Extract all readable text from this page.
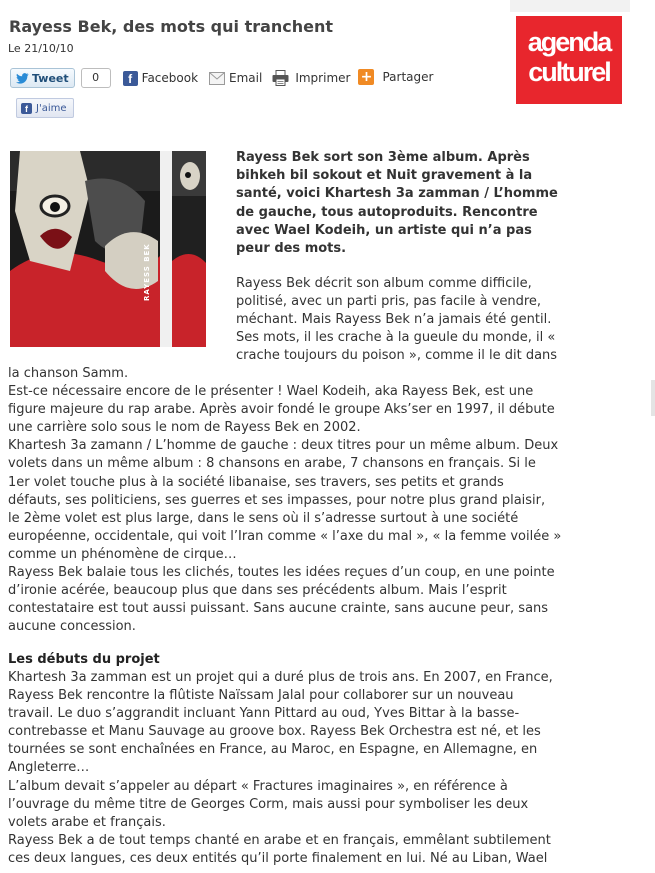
Rayess Bek, des mots qui tranchent
Le 21/10/10	agenda
culturel
Tweet	0	f Facebook	Email	Imprimer + Partager
f J'aime
RAYESS BEK
Rayess Bek sort son 3ème album. Après bihkeh bil sokout et Nuit gravement à la santé, voici Khartesh 3a zamman / L’homme de gauche, tous autoproduits. Rencontre avec Wael Kodeih, un artiste qui n’a pas peur des mots.
Rayess Bek décrit son album comme difficile,
politisé, avec un parti pris, pas facile à vendre,
méchant. Mais Rayess Bek n’a jamais été gentil.
Ses mots, il les crache à la gueule du monde, il «
crache toujours du poison », comme il le dit dans
la chanson Samm.
Est-ce nécessaire encore de le présenter ! Wael Kodeih, aka Rayess Bek, est une
figure majeure du rap arabe. Après avoir fondé le groupe Aks’ser en 1997, il débute
une carrière solo sous le nom de Rayess Bek en 2002.
Khartesh 3a zamann / L’homme de gauche : deux titres pour un même album. Deux
volets dans un même album : 8 chansons en arabe, 7 chansons en français. Si le
1er volet touche plus à la société libanaise, ses travers, ses petits et grands
défauts, ses politiciens, ses guerres et ses impasses, pour notre plus grand plaisir,
le 2ème volet est plus large, dans le sens où il s’adresse surtout à une société
européenne, occidentale, qui voit l’Iran comme « l’axe du mal », « la femme voilée »
comme un phénomène de cirque…
Rayess Bek balaie tous les clichés, toutes les idées reçues d’un coup, en une pointe
d’ironie acérée, beaucoup plus que dans ses précédents album. Mais l’esprit
contestataire est tout aussi puissant. Sans aucune crainte, sans aucune peur, sans
aucune concession.
Les débuts du projet
Khartesh 3a zamman est un projet qui a duré plus de trois ans. En 2007, en France,
Rayess Bek rencontre la flûtiste Naïssam Jalal pour collaborer sur un nouveau
travail. Le duo s’aggrandit incluant Yann Pittard au oud, Yves Bittar à la basse-
contrebasse et Manu Sauvage au groove box. Rayess Bek Orchestra est né, et les
tournées se sont enchaînées en France, au Maroc, en Espagne, en Allemagne, en
Angleterre…
L’album devait s’appeler au départ « Fractures imaginaires », en référence à
l’ouvrage du même titre de Georges Corm, mais aussi pour symboliser les deux
volets arabe et français.
Rayess Bek a de tout temps chanté en arabe et en français, emmêlant subtilement
ces deux langues, ces deux entités qu’il porte finalement en lui. Né au Liban, Wael
